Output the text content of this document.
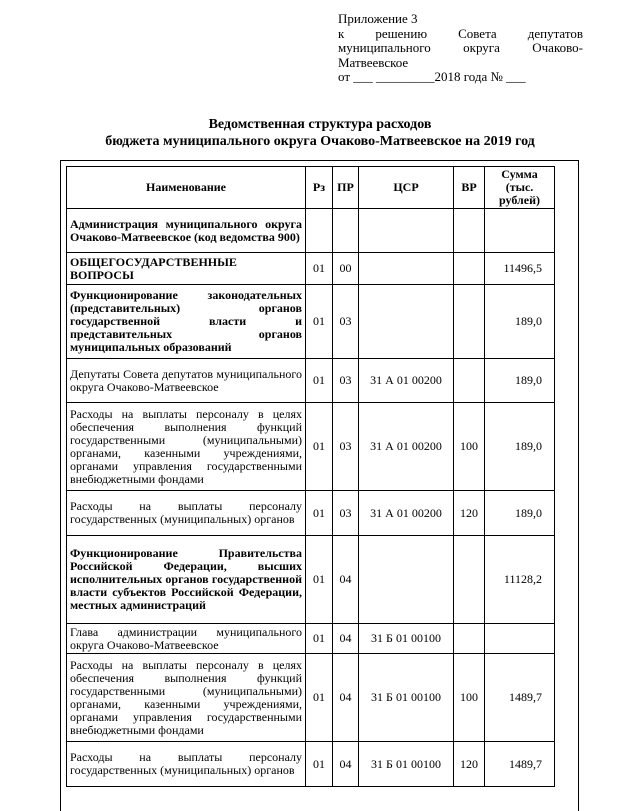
Приложение 3
к решению Совета депутатов муниципального округа Очаково-Матвеевское
от ___ _________2018 года № ___
Ведомственная структура расходов
бюджета муниципального округа Очаково-Матвеевское на 2019 год
Наименование	Рз	ПР	ЦСР	ВР	Сумма (тыс. рублей)
Администрация муниципального округа Очаково-Матвеевское (код ведомства 900)					
ОБЩЕГОСУДАРСТВЕННЫЕ ВОПРОСЫ	01	00			11496,5
Функционирование законодательных (представительных) органов государственной власти и представительных органов муниципальных образований	01	03			189,0
Депутаты Совета депутатов муниципального округа Очаково-Матвеевское	01	03	31 А 01 00200		189,0
Расходы на выплаты персоналу в целях обеспечения выполнения функций государственными (муниципальными) органами, казенными учреждениями, органами управления государственными внебюджетными фондами	01	03	31 А 01 00200	100	189,0
Расходы на выплаты персоналу государственных (муниципальных) органов	01	03	31 А 01 00200	120	189,0
Функционирование Правительства Российской Федерации, высших исполнительных органов государственной власти субъектов Российской Федерации, местных администраций	01	04			11128,2
Глава администрации муниципального округа Очаково-Матвеевское	01	04	31 Б 01 00100		
Расходы на выплаты персоналу в целях обеспечения выполнения функций государственными (муниципальными) органами, казенными учреждениями, органами управления государственными внебюджетными фондами	01	04	31 Б 01 00100	100	1489,7
Расходы на выплаты персоналу государственных (муниципальных) органов	01	04	31 Б 01 00100	120	1489,7
